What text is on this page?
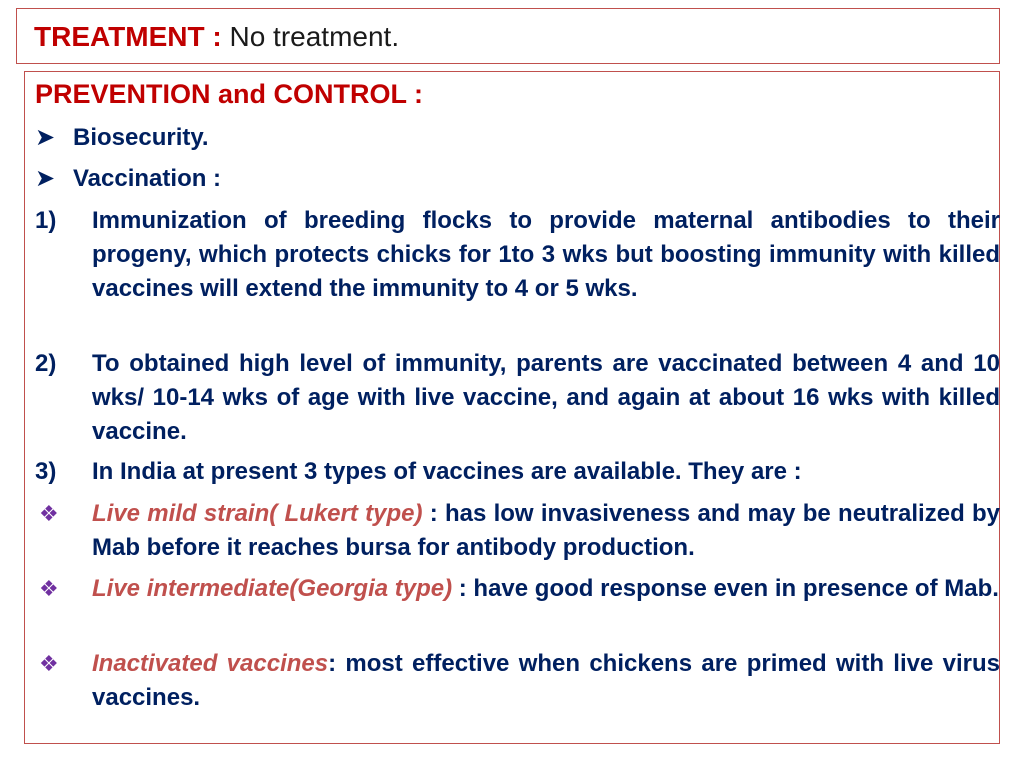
TREATMENT : No treatment.
PREVENTION and CONTROL :
➤ Biosecurity.
➤ Vaccination :
1) Immunization of breeding flocks to provide maternal antibodies to their progeny, which protects chicks for 1to 3 wks but boosting immunity with killed vaccines will extend the immunity to 4 or 5 wks.
2) To obtained high level of immunity, parents are vaccinated between 4 and 10 wks/ 10-14 wks of age with live vaccine, and again at about 16 wks with killed vaccine.
3) In India at present 3 types of vaccines are available. They are :
❖ Live mild strain( Lukert type) : has low invasiveness and may be neutralized by Mab before it reaches bursa for antibody production.
❖ Live intermediate(Georgia type) : have good response even in presence of Mab.
❖ Inactivated vaccines: most effective when chickens are primed with live virus vaccines.
